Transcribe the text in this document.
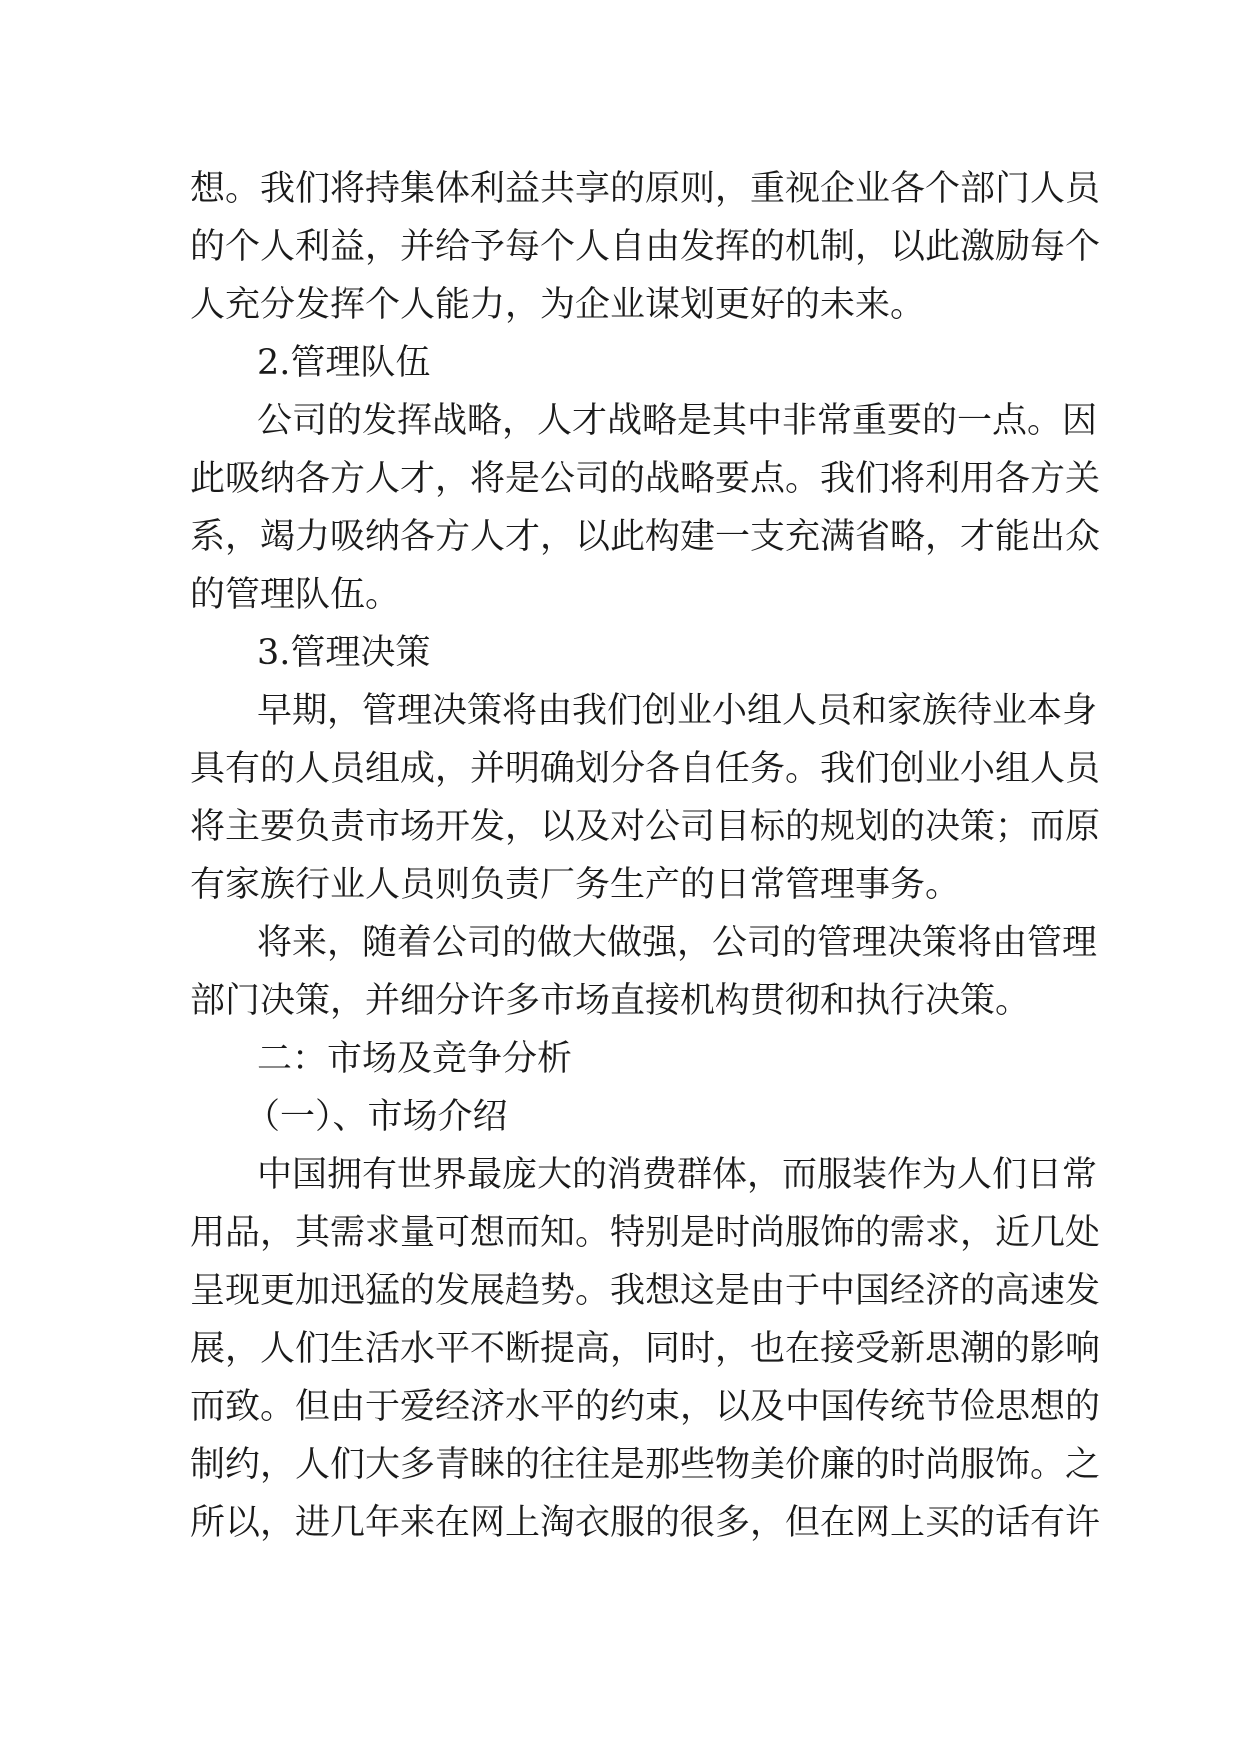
想。我们将持集体利益共享的原则，重视企业各个部门人员
的个人利益，并给予每个人自由发挥的机制，以此激励每个
人充分发挥个人能力，为企业谋划更好的未来。
2.管理队伍
公司的发挥战略，人才战略是其中非常重要的一点。因
此吸纳各方人才，将是公司的战略要点。我们将利用各方关
系，竭力吸纳各方人才，以此构建一支充满省略，才能出众
的管理队伍。
3.管理决策
早期，管理决策将由我们创业小组人员和家族待业本身
具有的人员组成，并明确划分各自任务。我们创业小组人员
将主要负责市场开发，以及对公司目标的规划的决策；而原
有家族行业人员则负责厂务生产的日常管理事务。
将来，随着公司的做大做强，公司的管理决策将由管理
部门决策，并细分许多市场直接机构贯彻和执行决策。
二：市场及竞争分析
（一）、市场介绍
中国拥有世界最庞大的消费群体，而服装作为人们日常
用品，其需求量可想而知。特别是时尚服饰的需求，近几处
呈现更加迅猛的发展趋势。我想这是由于中国经济的高速发
展，人们生活水平不断提高，同时，也在接受新思潮的影响
而致。但由于爱经济水平的约束，以及中国传统节俭思想的
制约，人们大多青睐的往往是那些物美价廉的时尚服饰。之
所以，进几年来在网上淘衣服的很多，但在网上买的话有许
